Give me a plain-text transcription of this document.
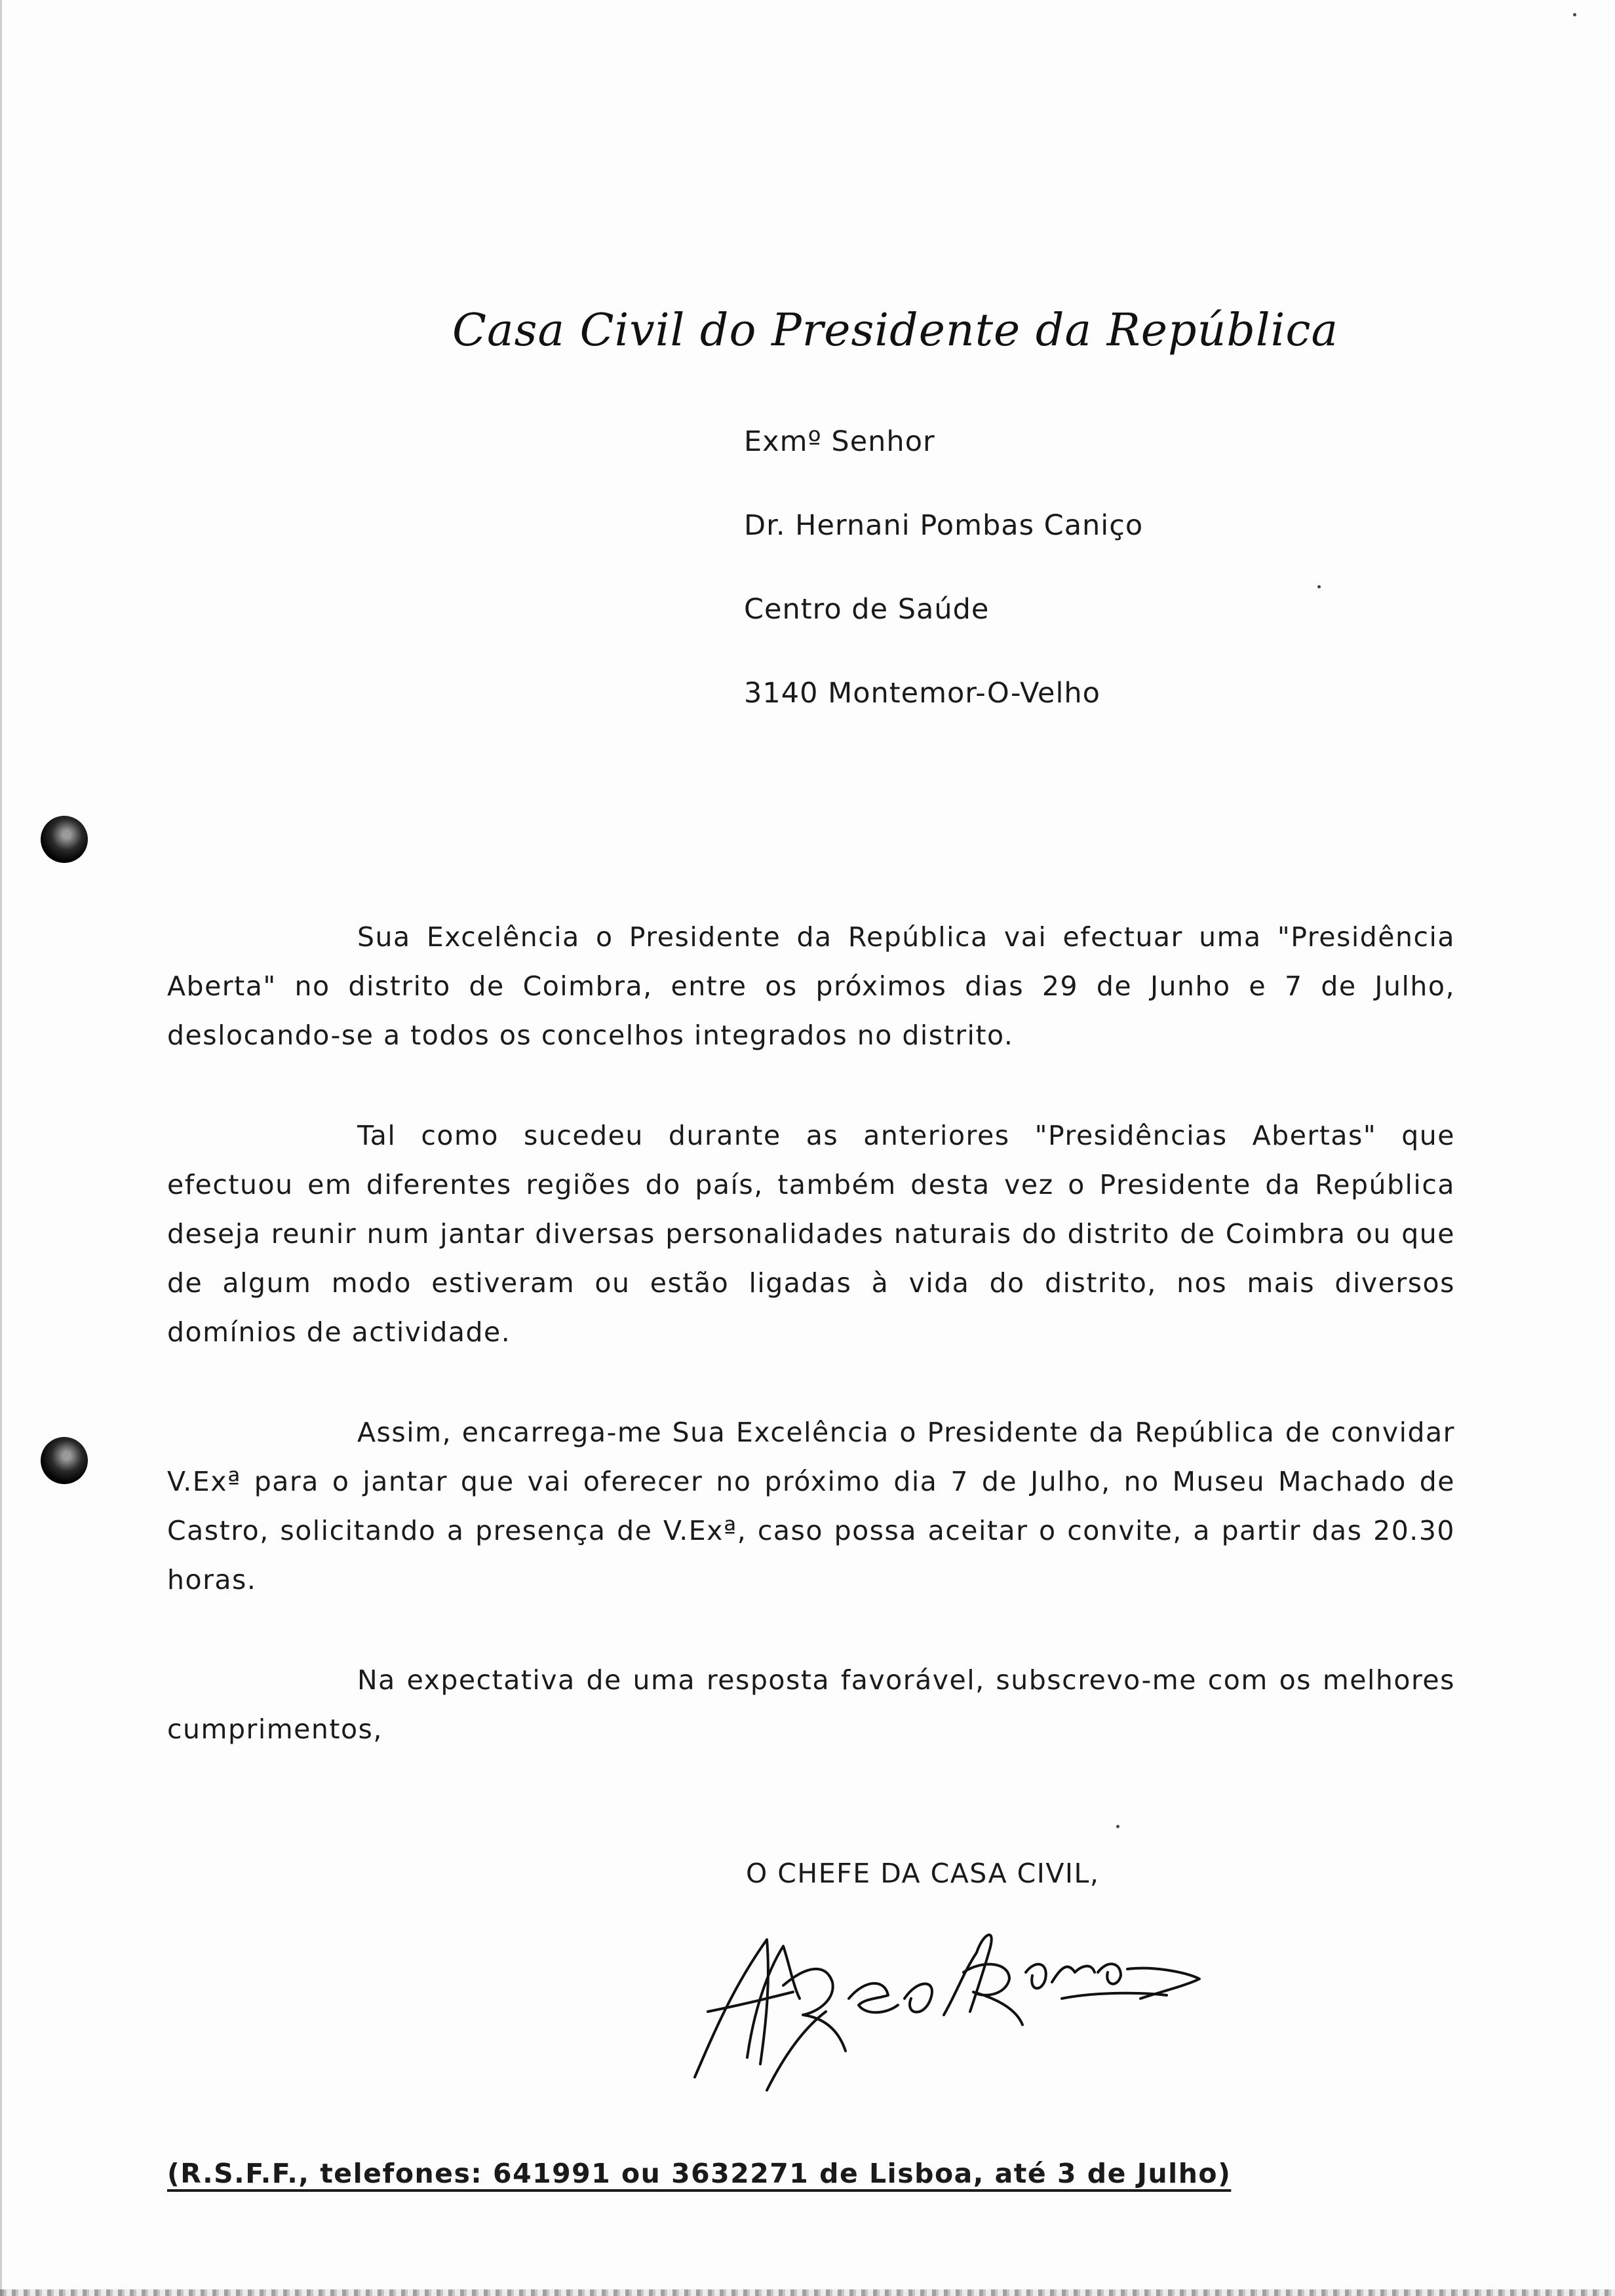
Casa Civil do Presidente da República
Exmº Senhor
Dr. Hernani Pombas Caniço
Centro de Saúde
3140 Montemor-O-Velho

Sua Excelência o Presidente da República vai efectuar uma "Presidência Aberta" no distrito de Coimbra, entre os próximos dias 29 de Junho e 7 de Julho, deslocando-se a todos os concelhos integrados no distrito.

Tal como sucedeu durante as anteriores "Presidências Abertas" que efectuou em diferentes regiões do país, também desta vez o Presidente da República deseja reunir num jantar diversas personalidades naturais do distrito de Coimbra ou que de algum modo estiveram ou estão ligadas à vida do distrito, nos mais diversos domínios de actividade.

Assim, encarrega-me Sua Excelência o Presidente da República de convidar V.Exª para o jantar que vai oferecer no próximo dia 7 de Julho, no Museu Machado de Castro, solicitando a presença de V.Exª, caso possa aceitar o convite, a partir das 20.30 horas.

Na expectativa de uma resposta favorável, subscrevo-me com os melhores cumprimentos,

O CHEFE DA CASA CIVIL,
(R.S.F.F., telefones: 641991 ou 3632271 de Lisboa, até 3 de Julho)
